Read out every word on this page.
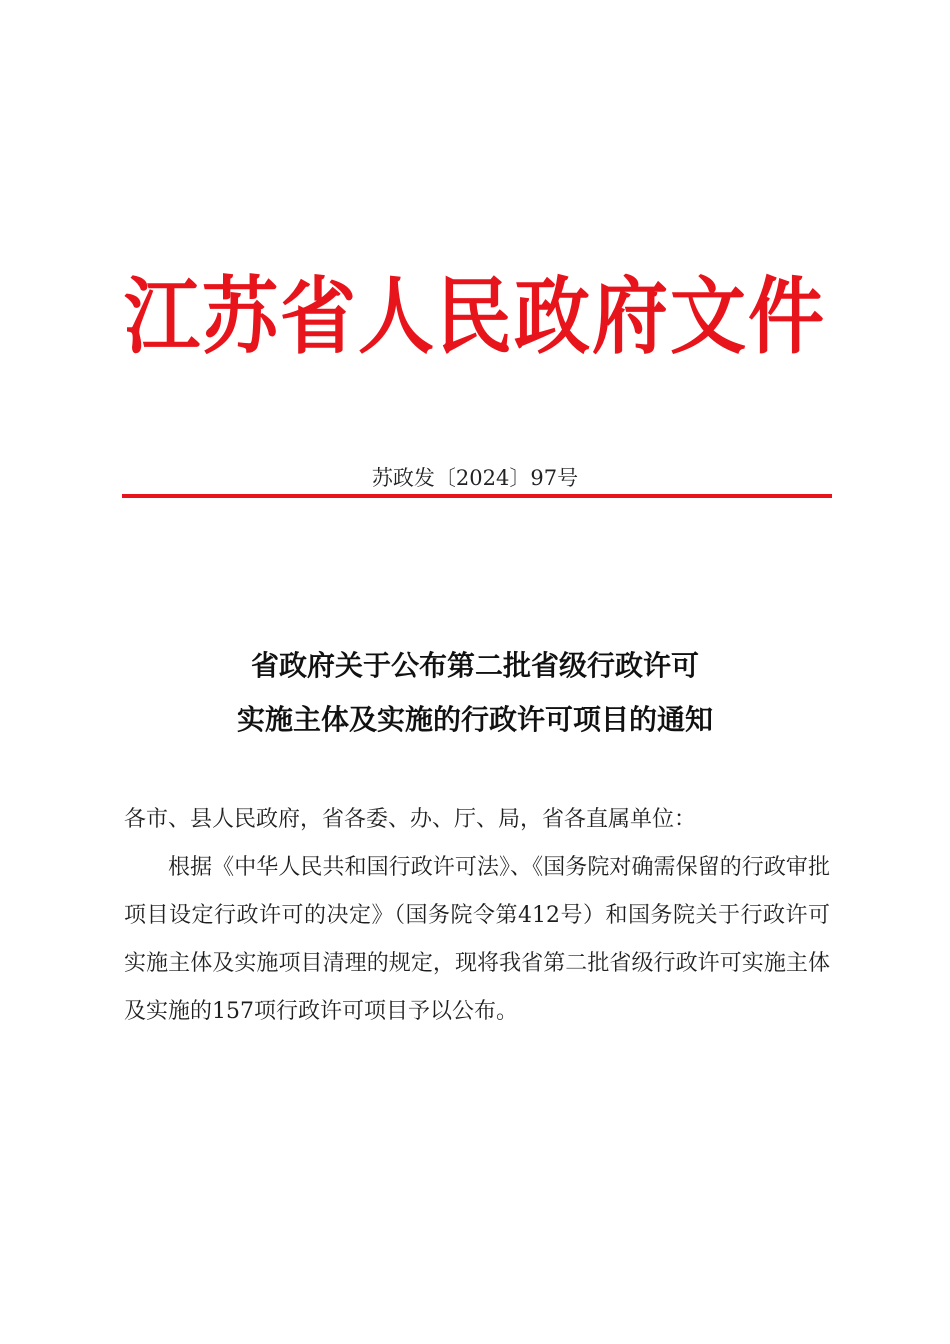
江苏省人民政府文件
苏政发〔2024〕97号
省政府关于公布第二批省级行政许可
实施主体及实施的行政许可项目的通知
各市、县人民政府，省各委、办、厅、局，省各直属单位：
根据《中华人民共和国行政许可法》、《国务院对确需保留的行政审批项目设定行政许可的决定》（国务院令第412号）和国务院关于行政许可实施主体及实施项目清理的规定，现将我省第二批省级行政许可实施主体及实施的157项行政许可项目予以公布。
